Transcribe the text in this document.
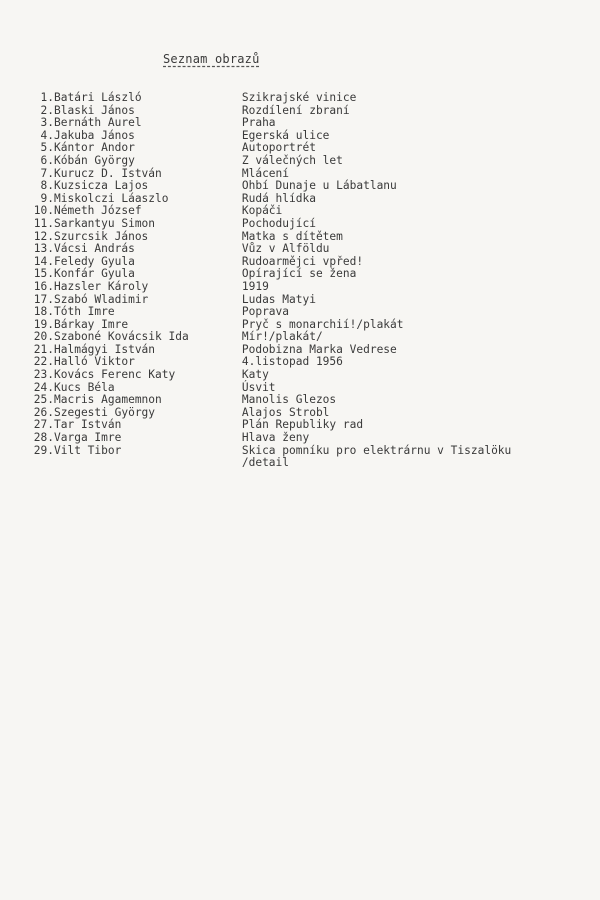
Seznam obrazů
1. Batári László	Szikrajské vinice
2. Blaski János	Rozdílení zbraní
3. Bernáth Aurel	Praha
4. Jakuba János	Egerská ulice
5. Kántor Andor	Autoportrét
6. Kóbán György	Z válečných let
7. Kurucz D. István	Mlácení
8. Kuzsicza Lajos	Ohbí Dunaje u Lábatlanu
9. Miskolczi Láaszlo	Rudá hlídka
10. Németh József	Kopáči
11. Sarkantyu Simon	Pochodující
12. Szurcsik János	Matka s dítětem
13. Vácsi András	Vůz v Alföldu
14. Feledy Gyula	Rudoarmějci vpřed!
15. Konfár Gyula	Opírající se žena
16. Hazsler Károly	1919
17. Szabó Wladimir	Ludas Matyi
18. Tóth Imre	Poprava
19. Bárkay Imre	Pryč s monarchií!/plakát
20. Szaboné Kovácsik Ida	Mír!/plakát/
21. Halmágyi István	Podobizna Marka Vedrese
22. Halló Viktor	4.listopad 1956
23. Kovács Ferenc Katy	Katy
24. Kucs Béla	Úsvit
25. Macris Agamemnon	Manolis Glezos
26. Szegesti György	Alajos Strobl
27. Tar István	Plán Republiky rad
28. Varga Imre	Hlava ženy
29. Vilt Tibor	Skica pomníku pro elektrárnu v Tiszalöku
/detail
